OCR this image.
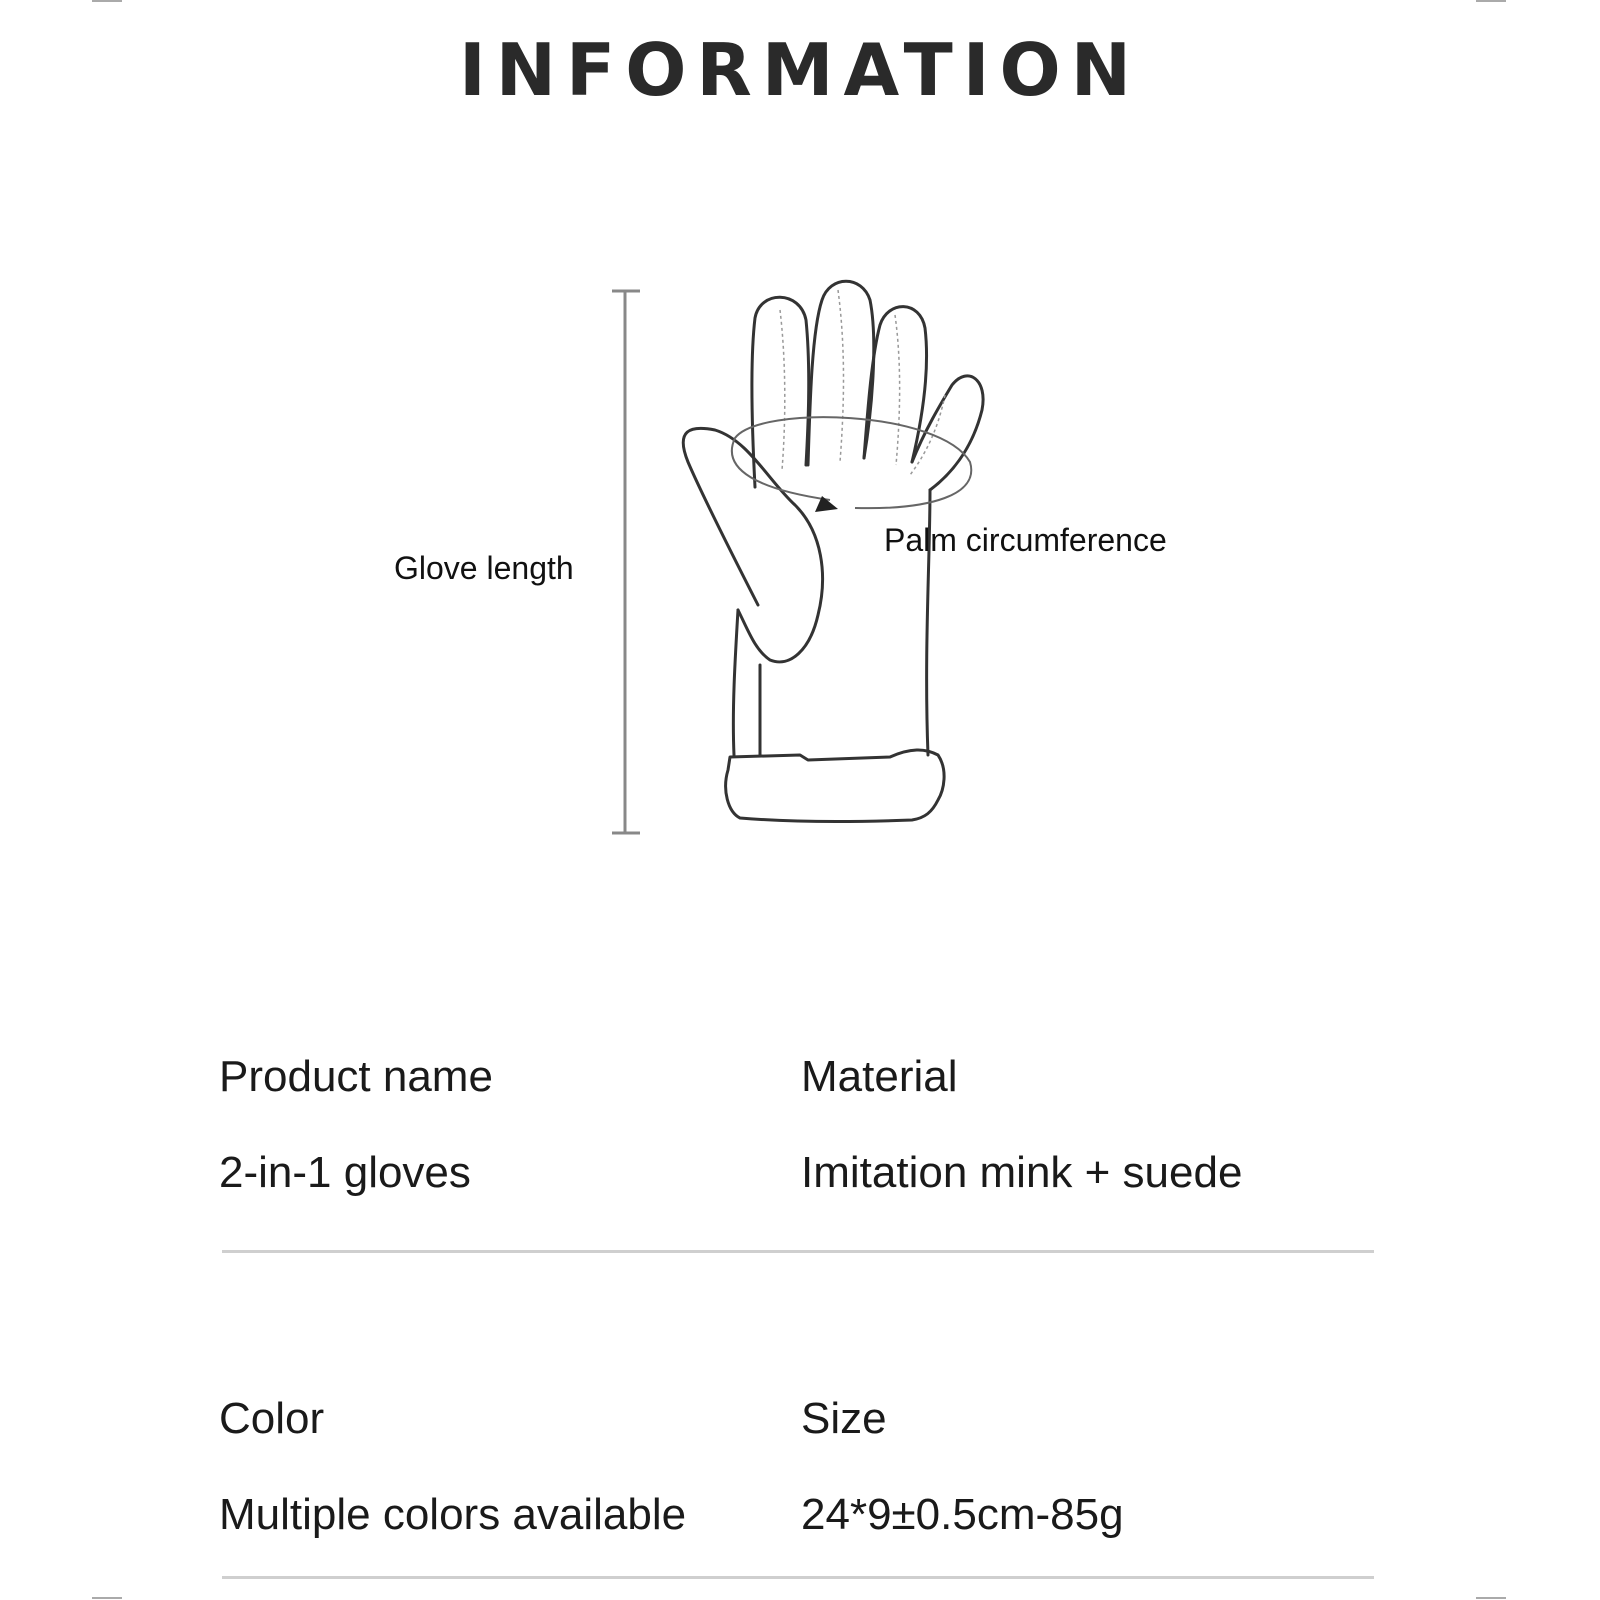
INFORMATION
Glove length
Palm circumference
Product name	Material
2-in-1 gloves	Imitation mink + suede
Color	Size
Multiple colors available	24*9±0.5cm-85g
